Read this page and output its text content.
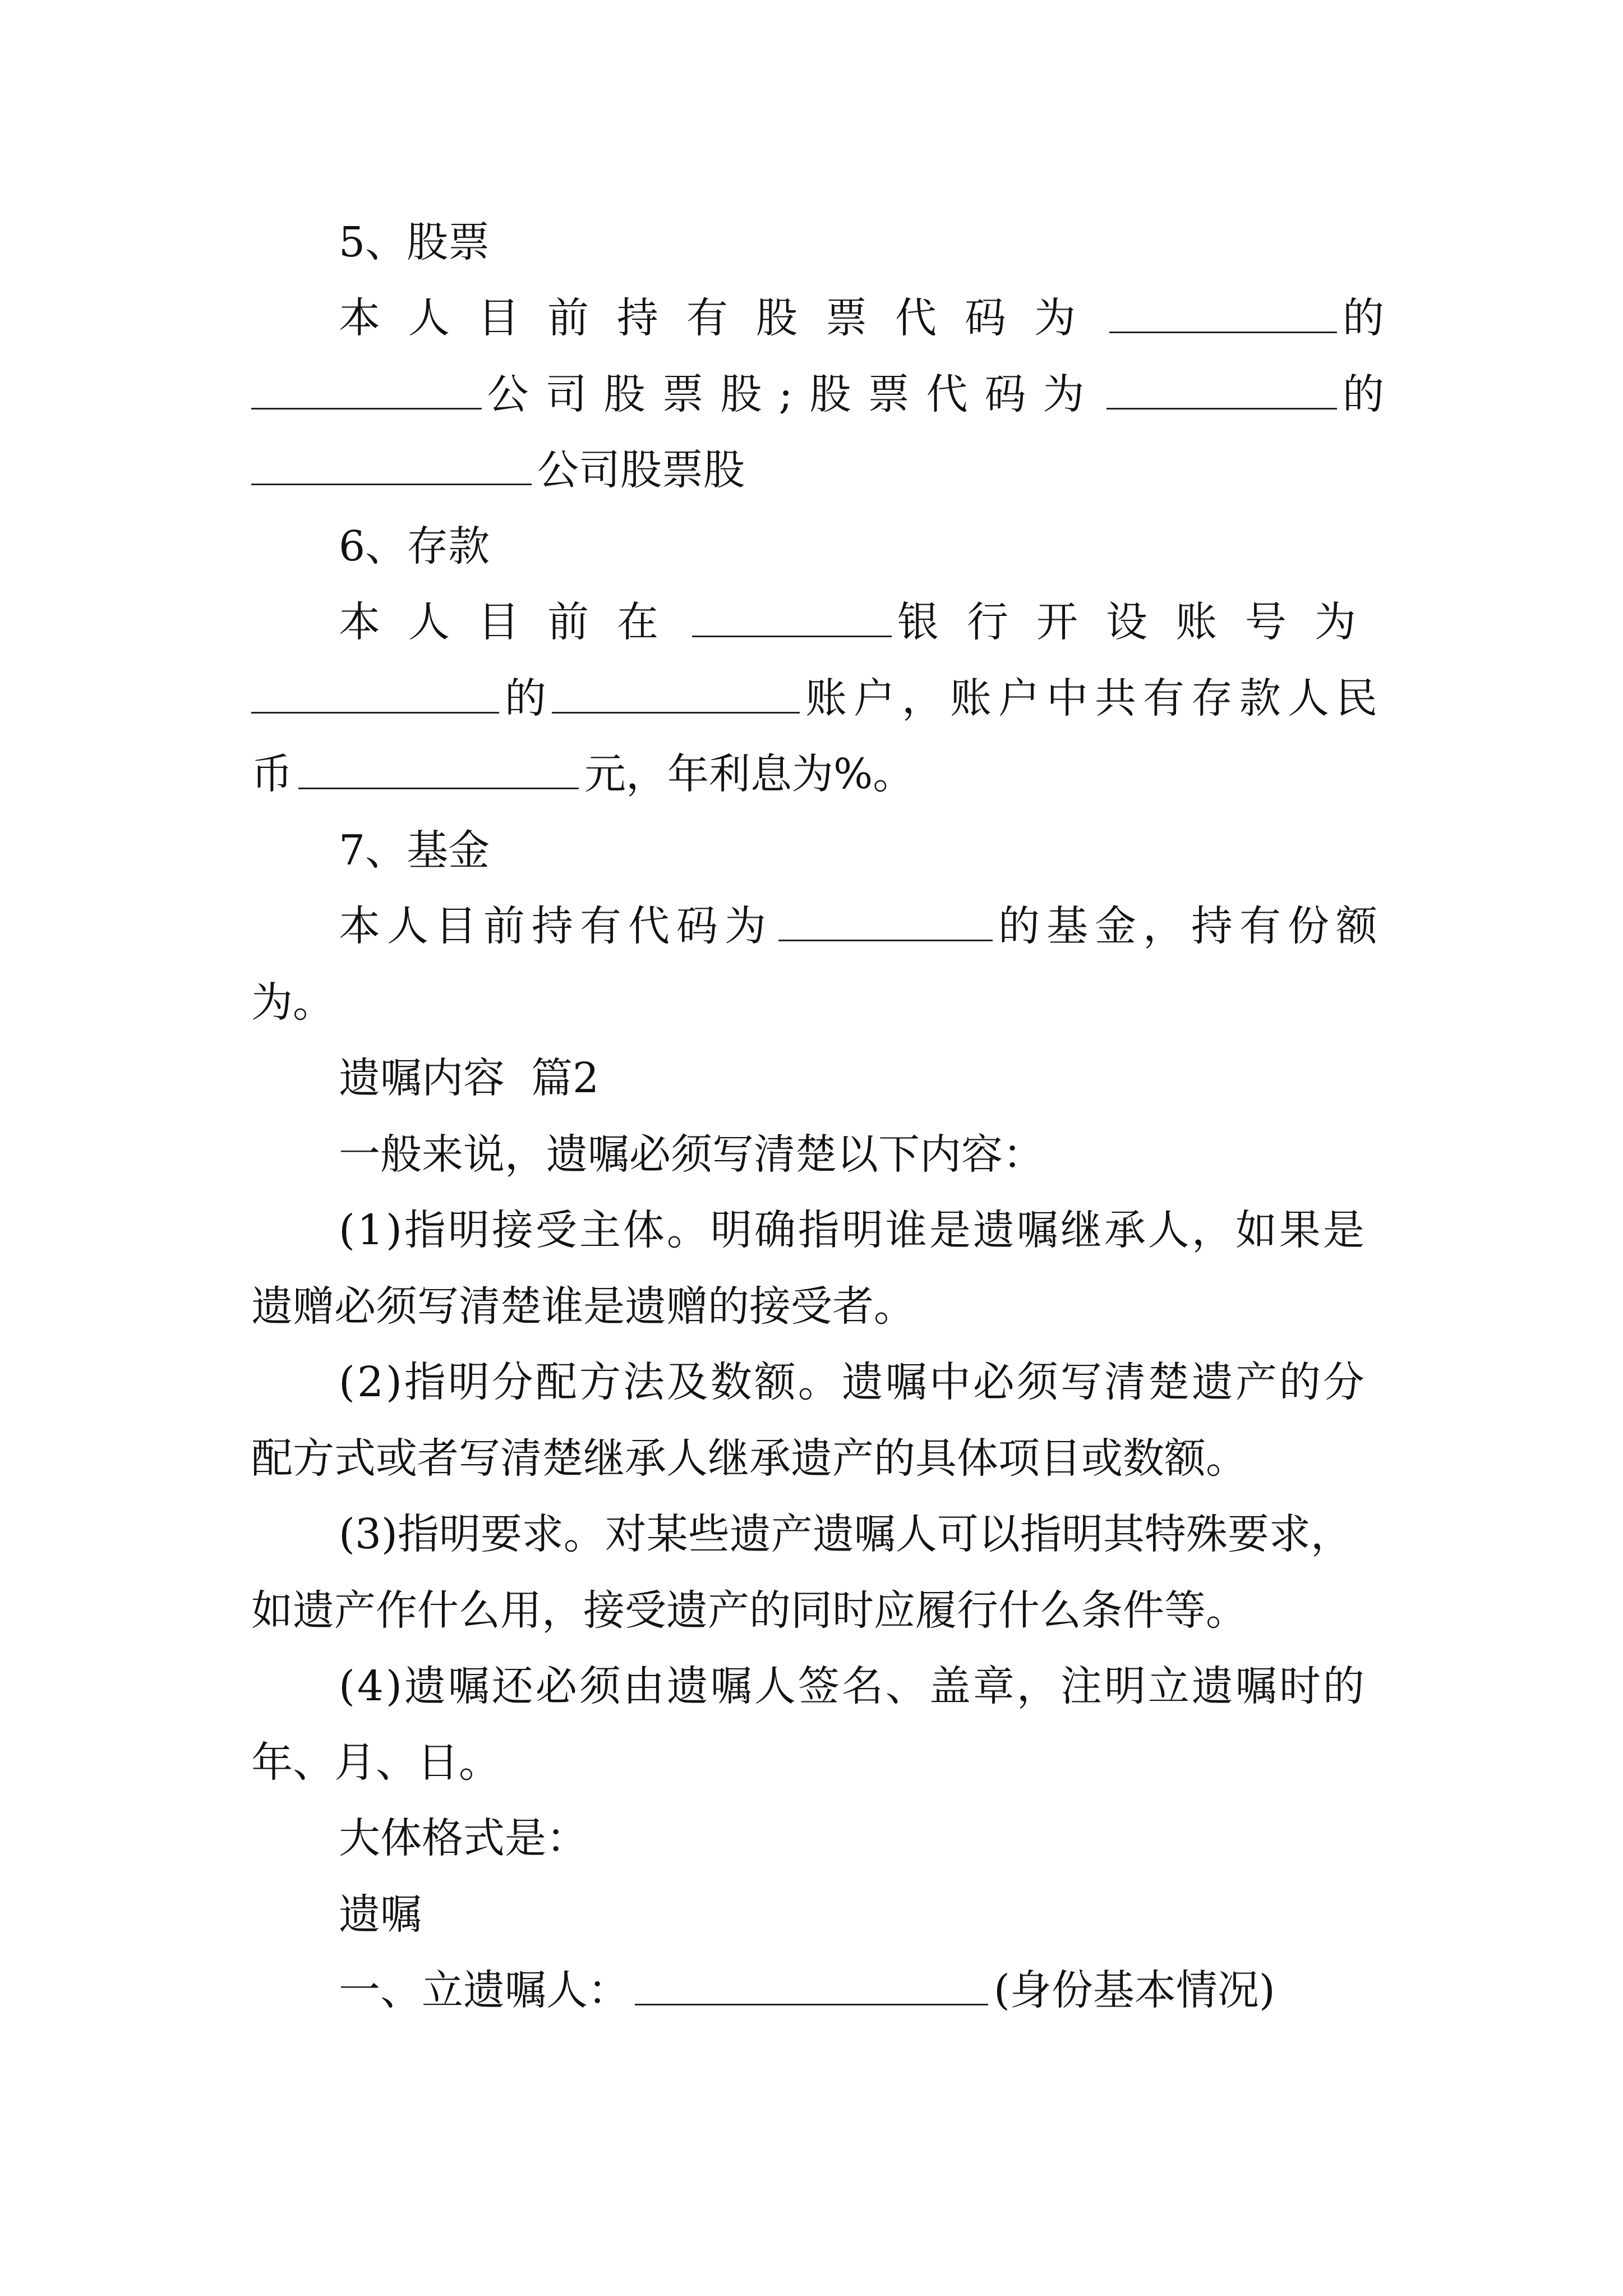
5、股票
本人目前持有股票代码为	的
公司股票股;股票代码为	的
公司股票股
6、存款
本人目前在	银行开设账号为
的	账户，账户中共有存款人民
币	元，年利息为%。
7、基金
本人目前持有代码为	的基金，持有份额
为。
遗嘱内容  篇2
一般来说，遗嘱必须写清楚以下内容：
(1)指明接受主体。明确指明谁是遗嘱继承人，如果是
遗赠必须写清楚谁是遗赠的接受者。
(2)指明分配方法及数额。遗嘱中必须写清楚遗产的分
配方式或者写清楚继承人继承遗产的具体项目或数额。
(3)指明要求。对某些遗产遗嘱人可以指明其特殊要求，
如遗产作什么用，接受遗产的同时应履行什么条件等。
(4)遗嘱还必须由遗嘱人签名、盖章，注明立遗嘱时的
年、月、日。
大体格式是：
遗嘱
一、立遗嘱人：	(身份基本情况)
